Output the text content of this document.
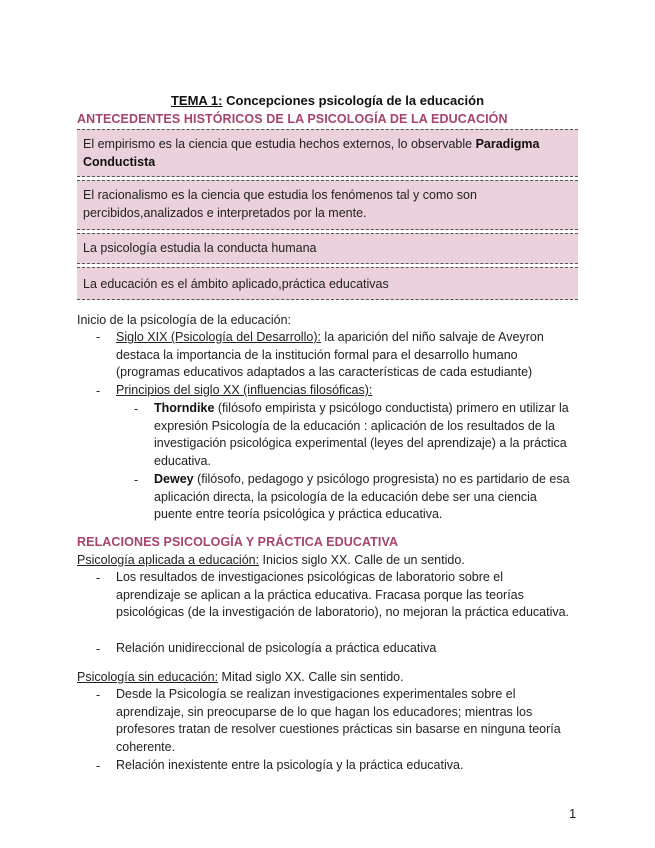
TEMA 1: Concepciones psicología de la educación
ANTECEDENTES HISTÓRICOS DE LA PSICOLOGÍA DE LA EDUCACIÓN
El empirismo es la ciencia que estudia hechos externos, lo observable Paradigma Conductista
El racionalismo es la ciencia que estudia los fenómenos tal y como son percibidos,analizados e interpretados por la mente.
La psicología estudia la conducta humana
La educación es el ámbito aplicado,práctica educativas
Inicio de la psicología de la educación:
- Siglo XIX (Psicología del Desarrollo): la aparición del niño salvaje de Aveyron destaca la importancia de la institución formal para el desarrollo humano (programas educativos adaptados a las características de cada estudiante)
- Principios del siglo XX (influencias filosóficas):
- Thorndike (filósofo empirista y psicólogo conductista) primero en utilizar la expresión Psicología de la educación : aplicación de los resultados de la investigación psicológica experimental (leyes del aprendizaje) a la práctica educativa.
- Dewey (filósofo, pedagogo y psicólogo progresista) no es partidario de esa aplicación directa, la psicología de la educación debe ser una ciencia puente entre teoría psicológica y práctica educativa.
RELACIONES PSICOLOGÍA Y PRÁCTICA EDUCATIVA
Psicología aplicada a educación: Inicios siglo XX. Calle de un sentido.
- Los resultados de investigaciones psicológicas de laboratorio sobre el aprendizaje se aplican a la práctica educativa. Fracasa porque las teorías psicológicas (de la investigación de laboratorio), no mejoran la práctica educativa.
- Relación unidireccional de psicología a práctica educativa
Psicología sin educación: Mitad siglo XX. Calle sin sentido.
- Desde la Psicología se realizan investigaciones experimentales sobre el aprendizaje, sin preocuparse de lo que hagan los educadores; mientras los profesores tratan de resolver cuestiones prácticas sin basarse en ninguna teoría coherente.
- Relación inexistente entre la psicología y la práctica educativa.
1
